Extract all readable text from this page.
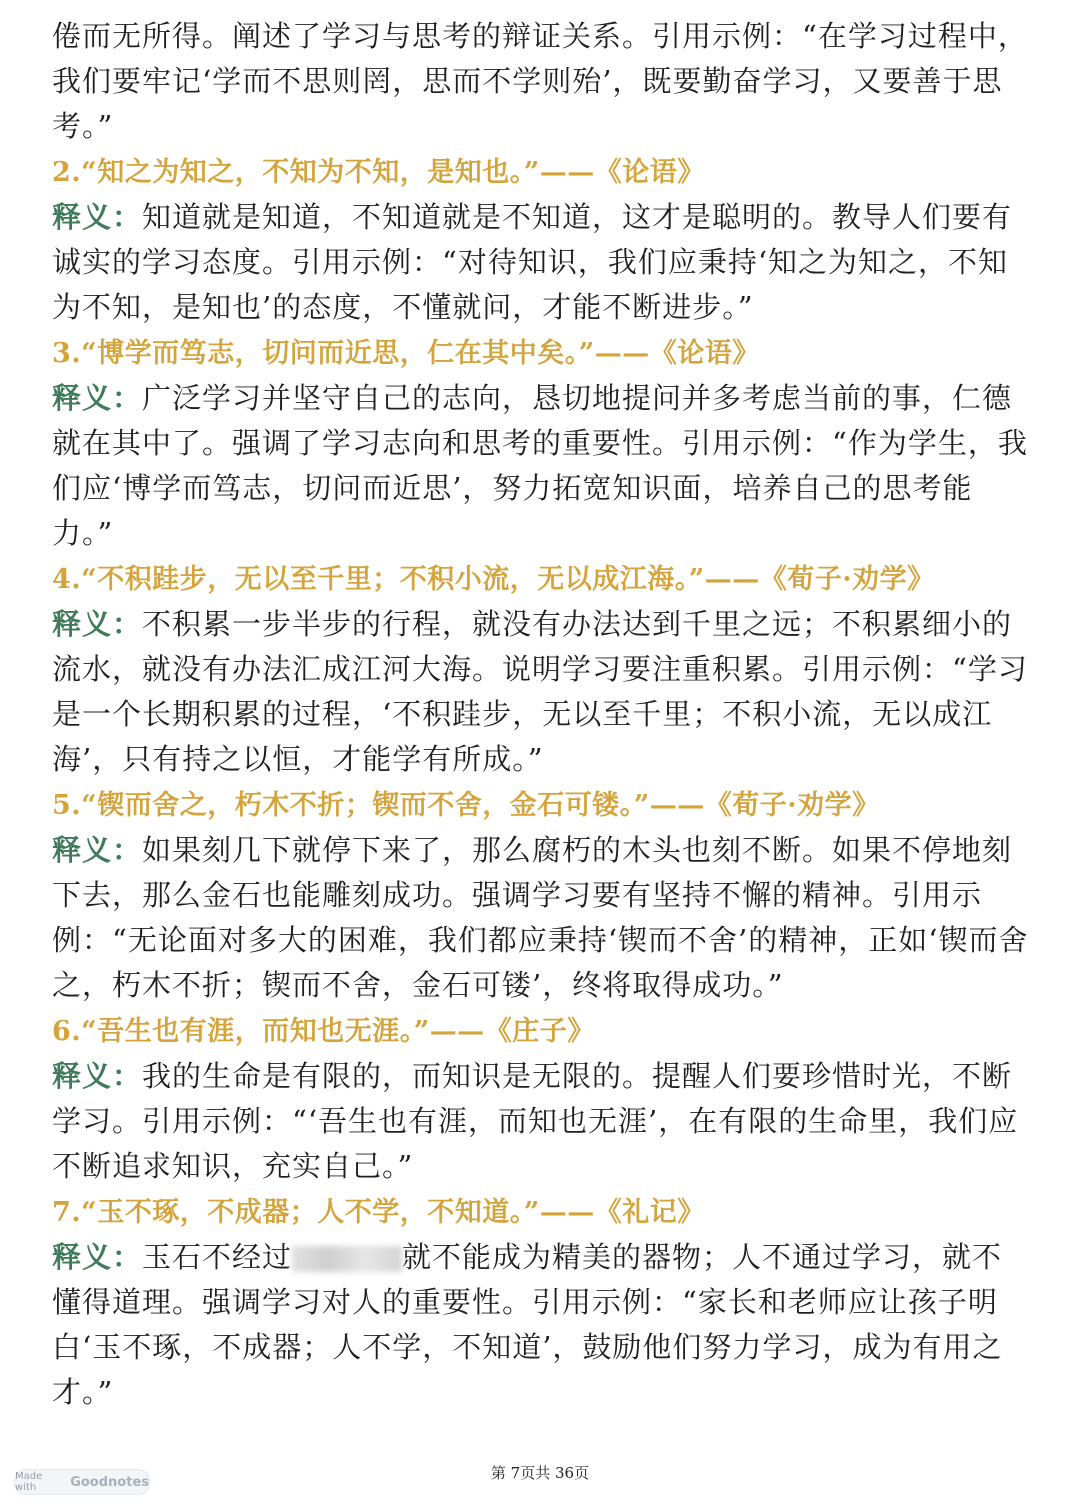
倦而无所得。阐述了学习与思考的辩证关系。引用示例：“在学习过程中，我们要牢记‘学而不思则罔，思而不学则殆’，既要勤奋学习，又要善于思考。”

2.“知之为知之，不知为不知，是知也。”——《论语》

释义：知道就是知道，不知道就是不知道，这才是聪明的。教导人们要有诚实的学习态度。引用示例：“对待知识，我们应秉持‘知之为知之，不知为不知，是知也’的态度，不懂就问，才能不断进步。”

3.“博学而笃志，切问而近思，仁在其中矣。”——《论语》

释义：广泛学习并坚守自己的志向，恳切地提问并多考虑当前的事，仁德就在其中了。强调了学习志向和思考的重要性。引用示例：“作为学生，我们应‘博学而笃志，切问而近思’，努力拓宽知识面，培养自己的思考能力。”

4.“不积跬步，无以至千里；不积小流，无以成江海。”——《荀子·劝学》

释义：不积累一步半步的行程，就没有办法达到千里之远；不积累细小的流水，就没有办法汇成江河大海。说明学习要注重积累。引用示例：“学习是一个长期积累的过程，‘不积跬步，无以至千里；不积小流，无以成江海’，只有持之以恒，才能学有所成。”

5.“锲而舍之，朽木不折；锲而不舍，金石可镂。”——《荀子·劝学》

释义：如果刻几下就停下来了，那么腐朽的木头也刻不断。如果不停地刻下去，那么金石也能雕刻成功。强调学习要有坚持不懈的精神。引用示例：“无论面对多大的困难，我们都应秉持‘锲而不舍’的精神，正如‘锲而舍之，朽木不折；锲而不舍，金石可镂’，终将取得成功。”

6.“吾生也有涯，而知也无涯。”——《庄子》

释义：我的生命是有限的，而知识是无限的。提醒人们要珍惜时光，不断学习。引用示例：“‘吾生也有涯，而知也无涯’，在有限的生命里，我们应不断追求知识，充实自己。”

7.“玉不琢，不成器；人不学，不知道。”——《礼记》

释义：玉石不经过	就不能成为精美的器物；人不通过学习，就不懂得道理。强调学习对人的重要性。引用示例：“家长和老师应让孩子明白‘玉不琢，不成器；人不学，不知道’，鼓励他们努力学习，成为有用之才。”

第 7页共 36页
Made with	Goodnotes
